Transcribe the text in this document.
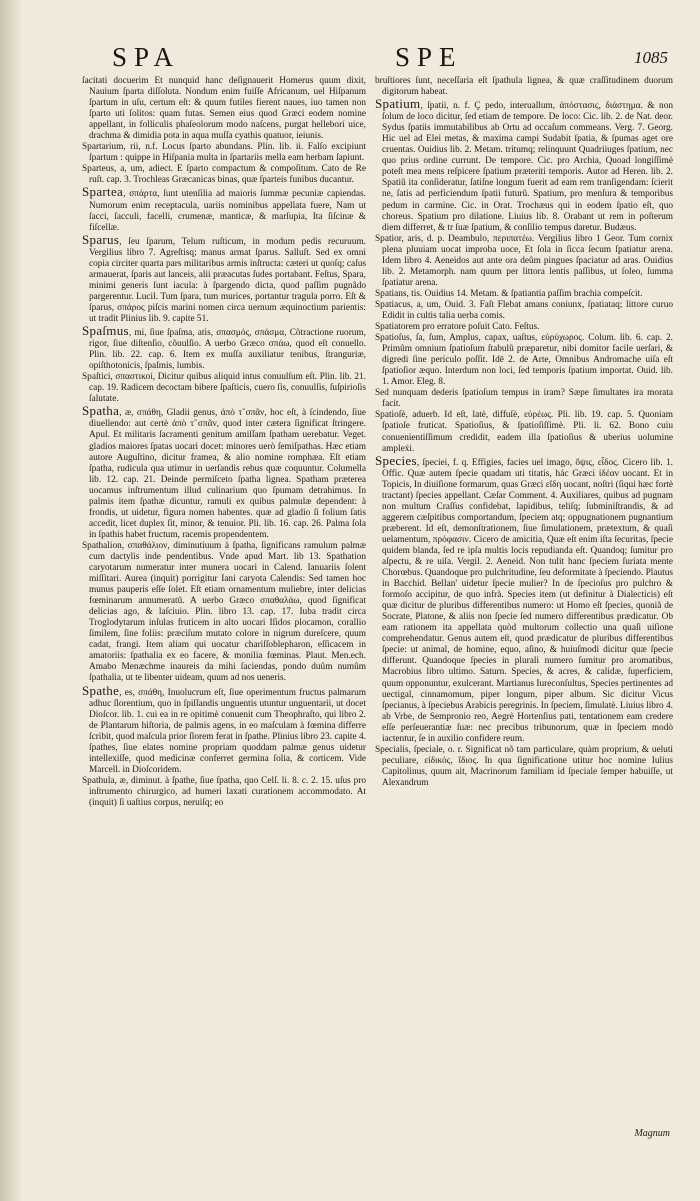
SPA	SPE	1085

ſacitati docuerim Et nunquid hanc deſignauerit Homerus quum dixit, Nauium ſparta diſſoluta. Nondum enim fuiſſe Africanum, uel Hiſpanum ſpartum in uſu, certum eſt: & quum futiles fierent naues, iuo tamen non ſparto uti ſolitos: quam futas. Semen eius quod Græci eodem nomine appellant, in folliculis phaſeolorum modo naſcens, purgat helleborí uice, drachma & dimidia pota in aqua muſſa cyathis quatuor, ieiunis.

Spartarium, rii, n.f. Locus ſparto abundans. Plin. lib. ii. Falſo excipiunt ſpartum : quippe in Hiſpania multa in ſpartariis mella eam herbam ſapiunt.

Sparteus, a, um, adiect. E ſparto compactum & compoſitum. Cato de Re ruſt. cap. 3. Trochleas Græcanicas binas, quæ ſparteis funibus ducantur.

Sparteа, σπάρτα, ſunt utenſilia ad maioris ſummæ pecuniæ capiendas. Numorum enim receptacula, uariis nominibus appellata fuere, Nam ut ſacci, ſacculi, facelli, crumenæ, manticæ, & marſupia, Ita ſiſcinæ & fiſcellæ.

Sparus, ſeu ſparum, Telum ruſticum, in modum pedis recuruum. Vergilius libro 7. Agreſtisq; manus armat ſparus. Salluſt. Sed ex omni copia circiter quarta pars militaribus armis inſtructa: cæteri ut quoſq; caſus armauerat, ſparis aut lanceis, alii præacutas ſudes portabant. Feſtus, Spara, minimi generis ſunt iacula: à ſpargendo dicta, quod paſſim pugnãdo pargerentur. Lucil. Tum ſpara, tum murices, portantur tragula porro. Eſt & ſparus, σπάρος piſcis marini nomen circa uernum æquinoctium parientis: ut tradit Plinius lib. 9. capite 51.

Spaſmus, mi, ſiue ſpaſma, atis, σπασμός, σπάσμα, Cõtractione ruorum, rigor, ſiue diſtenſio, cõuulſio. A uerbo Græco σπάω, quod eſt conuello. Plin. lib. 22. cap. 6. Item ex muſſa auxiliatur tenibus, ſtranguriæ, opiſthotonicis, ſpaſmis, lumbis.

Spaſtici, σπαστικοί, Dicitur quibus aliquid intus conuulſum eſt. Plin. lib. 21. cap. 19. Radicem decoctam bibere ſpaſticis, cuero ſis, conuulſis, ſuſpirioſis ſalutate.

Spatha, æ, σπάθη, Gladii genus, ἀπὸ τ̃ σπᾶν, hoc eſt, à ſcindendo, ſiue diuellendo: aut certè ἀπὸ τ̃ σπᾶν, quod inter cætera ſignificat ſtringere. Apul. Et militaris ſacramenti genitum amiſſam ſpatham uerebatur. Veget. gladios maiores ſpatas uocari docet: minores uerò ſemiſpathas. Hæc etiam autore Auguſtino, dicitur framea, & alio nomine romphæa. Eſt etiam ſpatha, rudicula qua utimur in uerſandis rebus quæ coquuntur. Columella lib. 12. cap. 21. Deinde permiſceto ſpatha lignea. Spatham præterea uocamus inſtrumentum illud culinarium quo ſpumam detrahimus. In palmis item ſpathæ dicuntur, ramuli ex quibus palmulæ dependent: à frondis, ut uidetur, figura nomen habentes. quæ ad gladio ſi folium ſatis accedit, licet duplex ſit, minor, & tenuior. Pli. lib. 16. cap. 26. Palma ſola in ſpathis habet fructum, racemis propendentem.

Spathalion, σπαθάλιον, diminutiuum à ſpatha, ſignificans ramulum palmæ cum dactylis inde pendentibus. Vnde apud Mart. lib 13. Spathation caryotarum numeratur inter munera uocari in Calend. Ianuariis ſolent miſſitari. Aurea (inquit) porrigitur Iani caryota Calendis: Sed tamen hoc munus pauperis eſſe ſolet. Eſt etiam ornamentum muliebre, inter delicias fœminarum annumeratũ. A uerbo Græco σπαθαλάω, quod ſignificat delicias ago, & laſciuio. Plin. libro 13. cap. 17. Iuba tradit circa Troglodytarum inſulas fruticem in alto uocari Iſidos plocamon, corallio ſimilem, ſine foliis: præciſum mutato colore in nigrum dureſcere, quum cadat, frangi. Item aliam qui uocatur chariſſoblepharon, eſſicacem in amatoriis: ſpathalia ex eo facere, & monilia fœminas. Plaut. Men.ech. Amabo Menæchme inaureis da mihi ſaciendas, pondo duûm numûm ſpathalia, ut te libenter uideam, quum ad nos ueneris.

Spathe, es, σπάθη, Inuolucrum eſt, ſiue operimentum fructus palmarum adhuc ſlorentium, quo in ſpiſſandis unguentis utuntur unguentarii, ut docet Dioſcor. lib. 1. cui ea in re opitimè conuenit cum Theophraſto, qui libro 2. de Plantarum hiſtoria, de palmis agens, in eo maſculam à fœmina differre ſcribit, quod maſcula prior ſlorem ferat in ſpathe. Plinius libro 23. capite 4. ſpathes, ſiue elates nomine propriam quoddam palmæ genus uidetur intellexiſſe, quod medicinæ conferret germina ſolia, & corticem. Vide Marcell. in Dioſcoridem.

Spathula, æ, diminut. à ſpathe, ſiue ſpatha, quo Celſ. li. 8. c. 2. 15. uſus pro inſtrumento chirurgico, ad humeri laxati curationem accommodato. At (inquit) ſi uaſtius corpus, neruiſq; eo

bruſtiores ſunt, neceſſaria eſt ſpathula lignea, & quæ craſſitudinem duorum digitorum habeat.

Spatium, ſpatii, n. f. Ç pedo, interuallum, ἀπόστασις, διάστημα. & non ſolum de loco dicitur, ſed etiam de tempore. De loco: Cic. lib. 2. de Nat. deor. Sydus ſpatiis immutabilibus ab Ortu ad occaſum commeans. Verg. 7. Georg. Hic uel ad Elei metas, & maxima campi Sudabit ſpatia, & ſpumas aget ore cruentas. Ouidius lib. 2. Metam. tritumq; relinquunt Quadriiuges ſpatium, nec quo prius ordine currunt. De tempore. Cic. pro Archia, Quoad longiſſimè poteſt mea mens reſpicere ſpatium præteriti temporis. Autor ad Heren. lib. 2. Spatiũ ita conſideratur, ſatiſne longum fuerit ad eam rem tranſigendam: ſcierit ne, ſatis ad perficiendum ſpatii futurũ. Spatium, pro menſura & temporibus pedum in carmine. Cic. in Orat. Trochæus qui in eodem ſpatio eſt, quo choreus. Spatium pro dilatione. Liuius lib. 8. Orabant ut rem in poſterum diem differret, & tr ſuæ ſpatium, & conſilio tempus daretur. Budæus.

Spatior, aris, d. p. Deambulo, περιπατέω. Vergilius libro 1 Geor. Tum cornix plena pluuiam uocat improba uoce, Et ſola in ſicca ſecum ſpatiatur arena. Idem libro 4. Aeneidos aut ante ora deûm pingues ſpaciatur ad aras. Ouidius lib. 2. Metamorph. nam quum per littora lentis paſſibus, ut ſoleo, ſumma ſpatiatur arena.

Spatians, tis. Ouidius 14. Metam. & ſpatiantia paſſim brachia compeſcit.

Spatiacus, a, um, Ouid. 3. Faſt Flebat amans coniunx, ſpatiataq; littore curuo Edidit in cultis talia uerba comis.

Spatiatorem pro erratore poſuit Cato. Feſtus.

Spatioſus, ſa, ſum, Amplus, capax, uaſtus, εὐρύχωρος. Colum. lib. 6. cap. 2. Primûm omnium ſpatioſum ſtabulũ præparetur, nibi domitor facile uerſari, & digredi ſine periculo poſſit. Idē 2. de Arte, Omnibus Andromache uiſa eſt ſpatioſior æquo. Interdum non loci, ſed temporis ſpatium importat. Ouid. lib. 1. Amor. Eleg. 8.

Sed nunquam dederis ſpatioſum tempus in iram? Sæpe ſimultates ira morata facit.

Spatioſè, aduerb. Id eſt, latè, diffuſè, εὐρέως. Pli. lib. 19. cap. 5. Quoniam ſpatioſe fruticat. Spatioſius, & ſpatioſiſſimè. Pli. li. 62. Bono cuiu conuenientiſſimum credidit, eadem illa ſpatioſius & uberius uolumine ampleẋi.

Species, ſpeciei, f. q. Effigies, facies uel imago, ὄψις, εἶδος. Cicero lib. 1. Offic. Quæ autem ſpecie quadam uti titatis, hác Græci ἰδέαν uocant. Et in Topicis, In diuiſione formarum, quas Græci εἴδη uocant, noſtri (ſiqui hæc fortè tractant) ſpecies appellant. Cæſar Comment. 4. Auxiliares, quibus ad pugnam non multum Craſſus confidebat, lapidibus, teliſq; ſubminiſtrandis, & ad aggerem cæſpitibus comportandum, ſpeciem atq; oppugnationem pugnantium præberent. Id eſt, demonſtrationem, ſiue ſimulationem, prætextum, & quaſi uelamentum, πρόφασιν. Cicero de amicitia, Quæ eſt enim iſta ſecuritas, ſpecie quidem blanda, ſed re ipſa multis locis repudianda eſt. Quandoq; ſumitur pro aſpectu, & re uiſa. Vergil. 2. Aeneid. Non tulit hanc ſpeciem ſuriata mente Chorœbus. Quandoque pro pulchritudine, ſeu deformitate à ſpeciendo. Plautus in Bacchid. Bellan' uidetur ſpecie mulier? In de ſpecioſus pro pulchro & formoſo accipitur, de quo infrà. Species item (ut definitur à Dialecticis) eſt quæ dicitur de pluribus differentibus numero: ut Homo eſt ſpecies, quoniã de Socrate, Platone, & aliis non ſpecie ſed numero differentibus prædicatur. Ob eam rationem ita appellata quòd multorum collectio una quaſi uiſione comprehendatur. Genus autem eſt, quod prædicatur de pluribus differentibus ſpecie: ut animal, de homine, equo, aſino, & huiuſmodi dicitur quæ ſpecie differunt. Quandoque ſpecies in plurali numero ſumitur pro aromatibus, Macrobius libro ultimo. Saturn. Species, & acres, & calidæ, ſuperficiem, quum opponuntur, exulcerant. Martianus Iureconſultus, Species pertinentes ad uectigal, cinnamomum, piper longum, piper album. Sic dicitur Vicus ſpecianus, à ſpeciebus Arabicis peregrinis. In ſpeciem, ſimulatè. Liuius libro 4. ab Vrbe, de Sempronio reo, Aegrè Hortenſius pati, tentationem eam credere eſſe perſeuerantiæ ſuæ: nec precibus tribunorum, quæ in ſpeciem modò iactentur, ſe in auxilio confidere reum.

Specialis, ſpeciale, o. r. Significat nõ tam particulare, quàm proprium, & ueluti peculiare, εἰδικός, ἴδιος. In qua ſignificatione utitur hoc nomine Iulius Capitolinus, quum ait, Macrinorum familiam id ſpeciale ſemper habuiſſe, ut Alexandrum

Magnum
